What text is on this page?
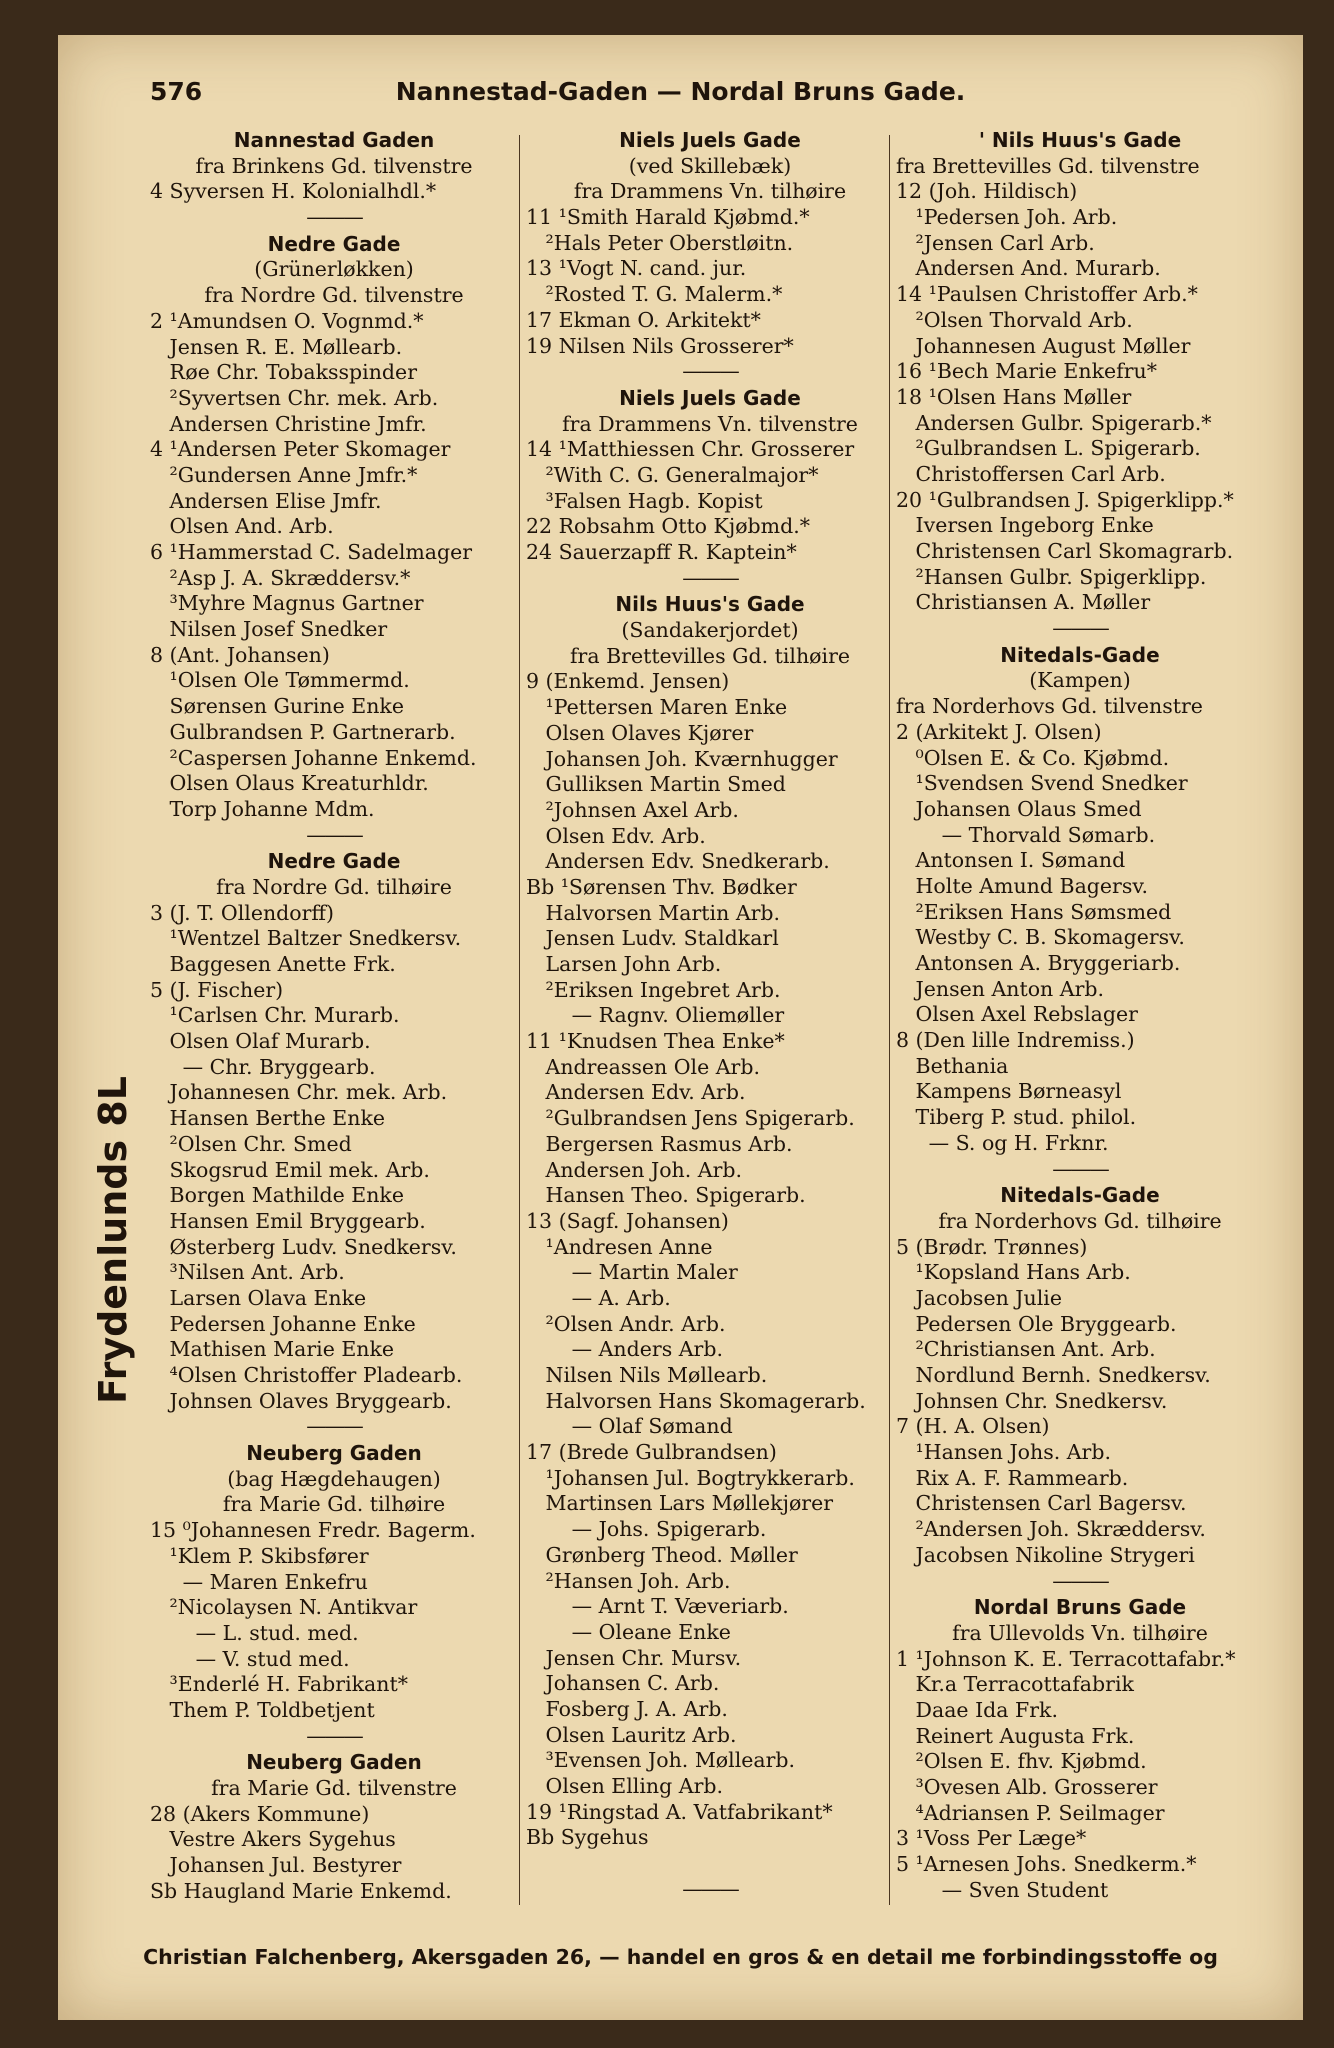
576	Nannestad-Gaden — Nordal Bruns Gade.
Frydenlunds 8L
Nannestad Gaden
fra Brinkens Gd. tilvenstre
4 Syversen H. Kolonialhdl.*
———
Nedre Gade
(Grünerløkken)
fra Nordre Gd. tilvenstre
2 ¹Amundsen O. Vognmd.*
Jensen R. E. Møllearb.
Røe Chr. Tobaksspinder
²Syvertsen Chr. mek. Arb.
Andersen Christine Jmfr.
4 ¹Andersen Peter Skomager
²Gundersen Anne Jmfr.*
Andersen Elise Jmfr.
Olsen And. Arb.
6 ¹Hammerstad C. Sadelmager
²Asp J. A. Skræddersv.*
³Myhre Magnus Gartner
Nilsen Josef Snedker
8 (Ant. Johansen)
¹Olsen Ole Tømmermd.
Sørensen Gurine Enke
Gulbrandsen P. Gartnerarb.
²Caspersen Johanne Enkemd.
Olsen Olaus Kreaturhldr.
Torp Johanne Mdm.
———
Nedre Gade
fra Nordre Gd. tilhøire
3 (J. T. Ollendorff)
¹Wentzel Baltzer Snedkersv.
Baggesen Anette Frk.
5 (J. Fischer)
¹Carlsen Chr. Murarb.
Olsen Olaf Murarb.
— Chr. Bryggearb.
Johannesen Chr. mek. Arb.
Hansen Berthe Enke
²Olsen Chr. Smed
Skogsrud Emil mek. Arb.
Borgen Mathilde Enke
Hansen Emil Bryggearb.
Østerberg Ludv. Snedkersv.
³Nilsen Ant. Arb.
Larsen Olava Enke
Pedersen Johanne Enke
Mathisen Marie Enke
⁴Olsen Christoffer Pladearb.
Johnsen Olaves Bryggearb.
———
Neuberg Gaden
(bag Hægdehaugen)
fra Marie Gd. tilhøire
15 ⁰Johannesen Fredr. Bagerm.
¹Klem P. Skibsfører
— Maren Enkefru
²Nicolaysen N. Antikvar
— L. stud. med.
— V. stud med.
³Enderlé H. Fabrikant*
Them P. Toldbetjent
———
Neuberg Gaden
fra Marie Gd. tilvenstre
28 (Akers Kommune)
Vestre Akers Sygehus
Johansen Jul. Bestyrer
Sb Haugland Marie Enkemd.
Niels Juels Gade
(ved Skillebæk)
fra Drammens Vn. tilhøire
11 ¹Smith Harald Kjøbmd.*
²Hals Peter Oberstløitn.
13 ¹Vogt N. cand. jur.
²Rosted T. G. Malerm.*
17 Ekman O. Arkitekt*
19 Nilsen Nils Grosserer*
———
Niels Juels Gade
fra Drammens Vn. tilvenstre
14 ¹Matthiessen Chr. Grosserer
²With C. G. Generalmajor*
³Falsen Hagb. Kopist
22 Robsahm Otto Kjøbmd.*
24 Sauerzapff R. Kaptein*
———
Nils Huus's Gade
(Sandakerjordet)
fra Brettevilles Gd. tilhøire
9 (Enkemd. Jensen)
¹Pettersen Maren Enke
Olsen Olaves Kjører
Johansen Joh. Kværnhugger
Gulliksen Martin Smed
²Johnsen Axel Arb.
Olsen Edv. Arb.
Andersen Edv. Snedkerarb.
Bb ¹Sørensen Thv. Bødker
Halvorsen Martin Arb.
Jensen Ludv. Staldkarl
Larsen John Arb.
²Eriksen Ingebret Arb.
— Ragnv. Oliemøller
11 ¹Knudsen Thea Enke*
Andreassen Ole Arb.
Andersen Edv. Arb.
²Gulbrandsen Jens Spigerarb.
Bergersen Rasmus Arb.
Andersen Joh. Arb.
Hansen Theo. Spigerarb.
13 (Sagf. Johansen)
¹Andresen Anne
— Martin Maler
— A. Arb.
²Olsen Andr. Arb.
— Anders Arb.
Nilsen Nils Møllearb.
Halvorsen Hans Skomagerarb.
— Olaf Sømand
17 (Brede Gulbrandsen)
¹Johansen Jul. Bogtrykkerarb.
Martinsen Lars Møllekjører
— Johs. Spigerarb.
Grønberg Theod. Møller
²Hansen Joh. Arb.
— Arnt T. Væveriarb.
— Oleane Enke
Jensen Chr. Mursv.
Johansen C. Arb.
Fosberg J. A. Arb.
Olsen Lauritz Arb.
³Evensen Joh. Møllearb.
Olsen Elling Arb.
19 ¹Ringstad A. Vatfabrikant*
Bb Sygehus
———
' Nils Huus's Gade
fra Brettevilles Gd. tilvenstre
12 (Joh. Hildisch)
¹Pedersen Joh. Arb.
²Jensen Carl Arb.
Andersen And. Murarb.
14 ¹Paulsen Christoffer Arb.*
²Olsen Thorvald Arb.
Johannesen August Møller
16 ¹Bech Marie Enkefru*
18 ¹Olsen Hans Møller
Andersen Gulbr. Spigerarb.*
²Gulbrandsen L. Spigerarb.
Christoffersen Carl Arb.
20 ¹Gulbrandsen J. Spigerklipp.*
Iversen Ingeborg Enke
Christensen Carl Skomagrarb.
²Hansen Gulbr. Spigerklipp.
Christiansen A. Møller
———
Nitedals-Gade
(Kampen)
fra Norderhovs Gd. tilvenstre
2 (Arkitekt J. Olsen)
⁰Olsen E. & Co. Kjøbmd.
¹Svendsen Svend Snedker
Johansen Olaus Smed
— Thorvald Sømarb.
Antonsen I. Sømand
Holte Amund Bagersv.
²Eriksen Hans Sømsmed
Westby C. B. Skomagersv.
Antonsen A. Bryggeriarb.
Jensen Anton Arb.
Olsen Axel Rebslager
8 (Den lille Indremiss.)
Bethania
Kampens Børneasyl
Tiberg P. stud. philol.
— S. og H. Frknr.
———
Nitedals-Gade
fra Norderhovs Gd. tilhøire
5 (Brødr. Trønnes)
¹Kopsland Hans Arb.
Jacobsen Julie
Pedersen Ole Bryggearb.
²Christiansen Ant. Arb.
Nordlund Bernh. Snedkersv.
Johnsen Chr. Snedkersv.
7 (H. A. Olsen)
¹Hansen Johs. Arb.
Rix A. F. Rammearb.
Christensen Carl Bagersv.
²Andersen Joh. Skræddersv.
Jacobsen Nikoline Strygeri
———
Nordal Bruns Gade
fra Ullevolds Vn. tilhøire
1 ¹Johnson K. E. Terracottafabr.*
Kr.a Terracottafabrik
Daae Ida Frk.
Reinert Augusta Frk.
²Olsen E. fhv. Kjøbmd.
³Ovesen Alb. Grosserer
⁴Adriansen P. Seilmager
3 ¹Voss Per Læge*
5 ¹Arnesen Johs. Snedkerm.*
— Sven Student
Christian Falchenberg, Akersgaden 26, — handel en gros & en detail me forbindingsstoffe og
